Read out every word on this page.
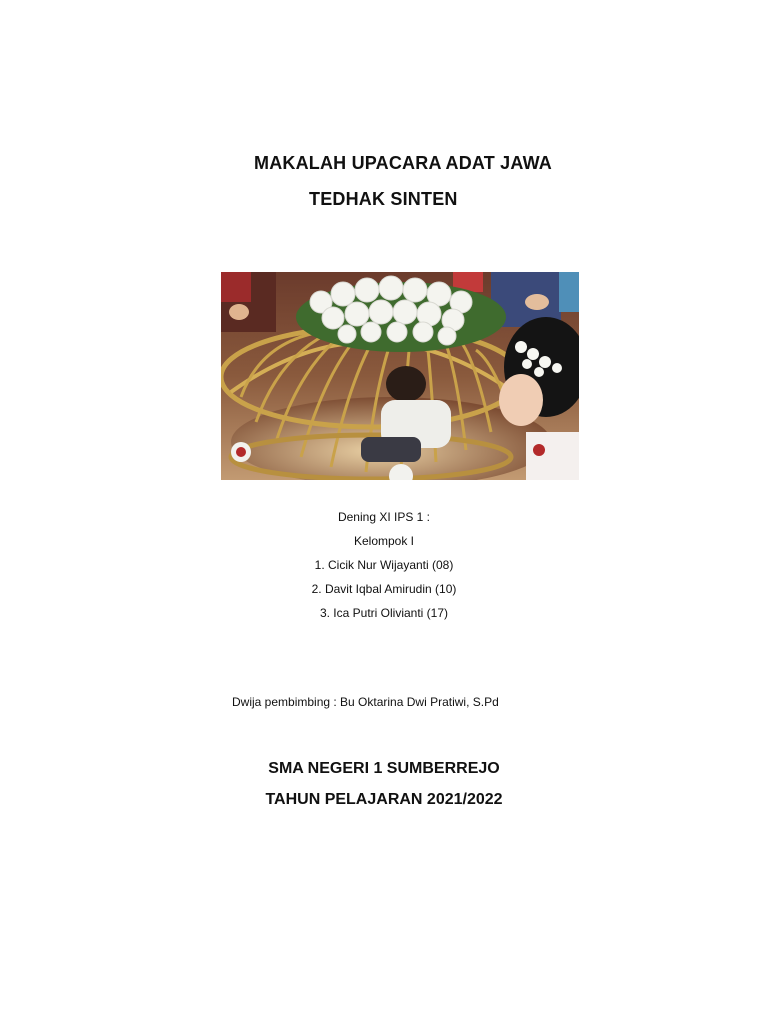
MAKALAH UPACARA ADAT JAWA
TEDHAK SINTEN
Dening XI IPS 1 :
Kelompok I
1. Cicik Nur Wijayanti (08)
2. Davit Iqbal Amirudin (10)
3. Ica Putri Olivianti (17)
Dwija pembimbing : Bu Oktarina Dwi Pratiwi, S.Pd
SMA NEGERI 1 SUMBERREJO
TAHUN PELAJARAN 2021/2022
